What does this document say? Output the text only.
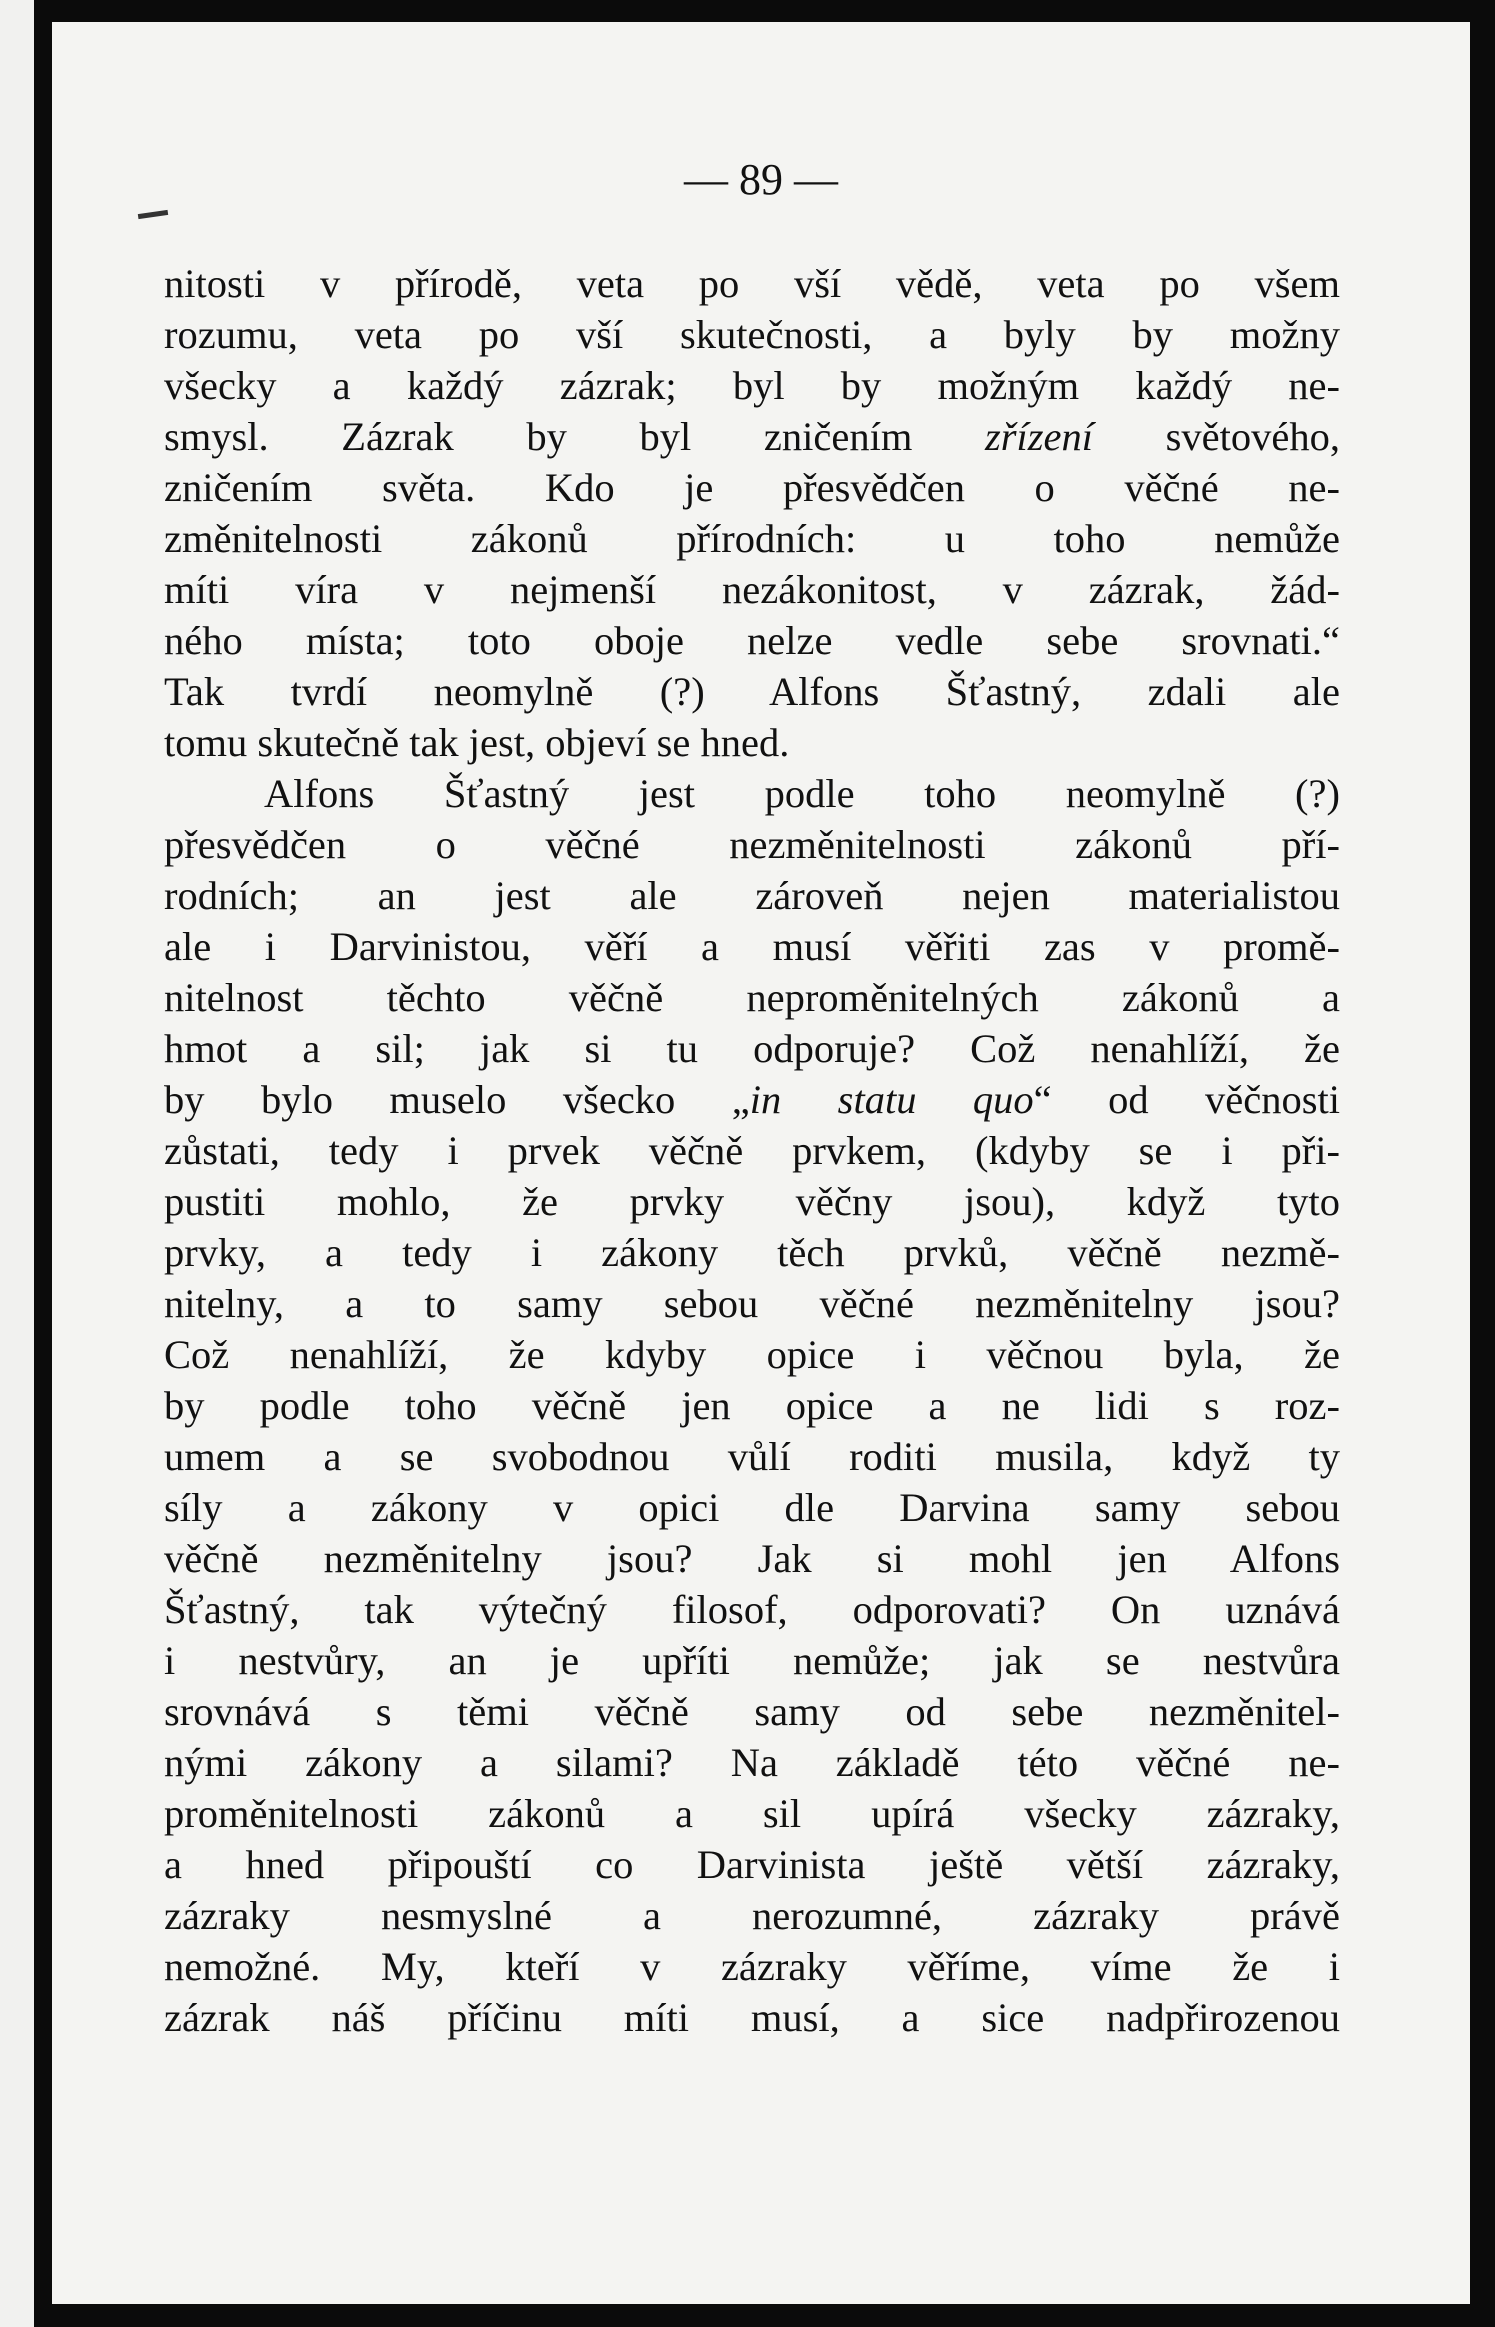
— 89 —
nitosti v přírodě, veta po vší vědě, veta po všem
rozumu, veta po vší skutečnosti, a byly by možny
všecky a každý zázrak; byl by možným každý ne-
smysl. Zázrak by byl zničením zřízení světového,
zničením světa. Kdo je přesvědčen o věčné ne-
změnitelnosti zákonů přírodních: u toho nemůže
míti víra v nejmenší nezákonitost, v zázrak, žád-
ného místa; toto oboje nelze vedle sebe srovnati.“
Tak tvrdí neomylně (?) Alfons Šťastný, zdali ale
tomu skutečně tak jest, objeví se hned.
Alfons Šťastný jest podle toho neomylně (?)
přesvědčen o věčné nezměnitelnosti zákonů pří-
rodních; an jest ale zároveň nejen materialistou
ale i Darvinistou, věří a musí věřiti zas v promě-
nitelnost těchto věčně neproměnitelných zákonů a
hmot a sil; jak si tu odporuje? Což nenahlíží, že
by bylo muselo všecko „in statu quo“ od věčnosti
zůstati, tedy i prvek věčně prvkem, (kdyby se i při-
pustiti mohlo, že prvky věčny jsou), když tyto
prvky, a tedy i zákony těch prvků, věčně nezmě-
nitelny, a to samy sebou věčné nezměnitelny jsou?
Což nenahlíží, že kdyby opice i věčnou byla, že
by podle toho věčně jen opice a ne lidi s roz-
umem a se svobodnou vůlí roditi musila, když ty
síly a zákony v opici dle Darvina samy sebou
věčně nezměnitelny jsou? Jak si mohl jen Alfons
Šťastný, tak výtečný filosof, odporovati? On uznává
i nestvůry, an je upříti nemůže; jak se nestvůra
srovnává s těmi věčně samy od sebe nezměnitel-
nými zákony a silami? Na základě této věčné ne-
proměnitelnosti zákonů a sil upírá všecky zázraky,
a hned připouští co Darvinista ještě větší zázraky,
zázraky nesmyslné a nerozumné, zázraky právě
nemožné. My, kteří v zázraky věříme, víme že i
zázrak náš příčinu míti musí, a sice nadpřirozenou
